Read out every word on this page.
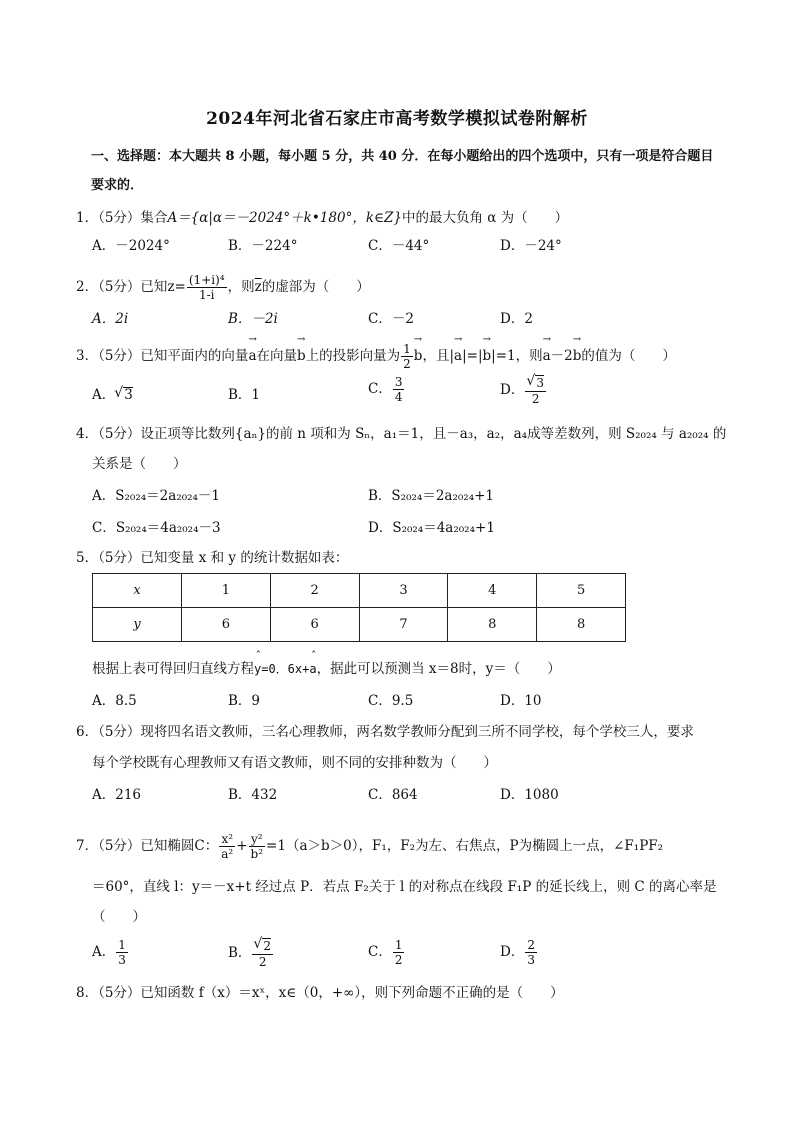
2024年河北省石家庄市高考数学模拟试卷附解析
一、选择题：本大题共 8 小题，每小题 5 分，共 40 分．在每小题给出的四个选项中，只有一项是符合题目要求的．
1．（5分）集合A＝{α|α＝－2024°＋k•180°，k∈Z}中的最大负角 α 为（　　）
A．－2024°	B．－224°	C．－44°	D．－24°
2．（5分）已知$z= \frac{\text{(1+i)⁴}}{1-i}$ ，则$\overline{z}$的虚部为（　　）
A．2i	B．－2i	C．－2	D．2
3．（5分）已知平面内的向量→ a在向量→ b上的投影向量为 $\frac{1}{2} \to b$，且|→ a|=|→ b|=1，则→ a－2→ b的值为（　　）
A． √ 3	B．1	C． $\frac{3}{4}$	D． √ $\frac{3}{2}$
4．（5分）设正项等比数列{aₙ}的前 n 项和为 Sₙ，a₁＝1，且－a₃，a₂，a₄成等差数列，则 S₂₀₂₄ 与 a₂₀₂₄ 的
关系是（　　）
A．S₂₀₂₄＝2a₂₀₂₄－1	B．S₂₀₂₄＝2a₂₀₂₄+1
C．S₂₀₂₄＝4a₂₀₂₄－3	D．S₂₀₂₄＝4a₂₀₂₄+1
5．（5分）已知变量 x 和 y 的统计数据如表：
x	1	2	3	4	5
y	6	6	7	8	8
根据上表可得回归直线方程ˆ y=0．6x+ˆ a，据此可以预测当 x＝8时，y＝（　　）
A．8.5	B．9	C．9.5	D．10
6．（5分）现将四名语文教师，三名心理教师，两名数学教师分配到三所不同学校，每个学校三人，要求
每个学校既有心理教师又有语文教师，则不同的安排种数为（　　）
A．216	B．432	C．864	D．1080
7．（5分）已知椭圆C： $\frac{\text{x²}}{\text{a²}} + \frac{\text{y²}}{\text{b²}} =1(a>b>0)$，F₁，F₂为左、右焦点，P为椭圆上一点，∠F₁PF₂
＝60°，直线 l：y＝－x+t 经过点 P．若点 F₂关于 l 的对称点在线段 F₁P 的延长线上，则 C 的离心率是
（　　）
A． $\frac{1}{3}$	B． √ $\frac{2}{2}$	C． $\frac{1}{2}$	D． $\frac{2}{3}$
8．（5分）已知函数 f（x）＝xˣ，x∈（0，+∞），则下列命题不正确的是（　　）
